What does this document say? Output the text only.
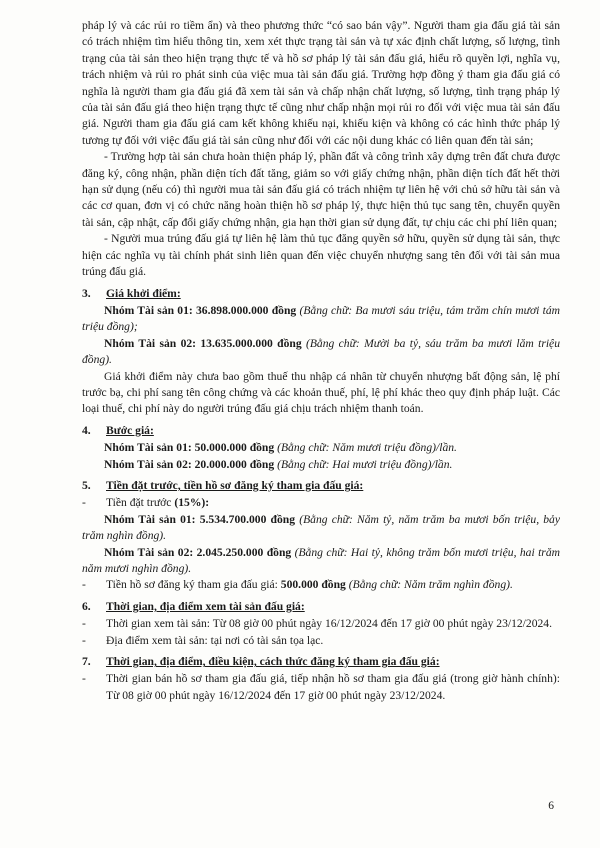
pháp lý và các rủi ro tiềm ẩn) và theo phương thức “có sao bán vậy”. Người tham gia đấu giá tài sản có trách nhiệm tìm hiểu thông tin, xem xét thực trạng tài sản và tự xác định chất lượng, số lượng, tình trạng của tài sản theo hiện trạng thực tế và hồ sơ pháp lý tài sản đấu giá, hiểu rõ quyền lợi, nghĩa vụ, trách nhiệm và rủi ro phát sinh của việc mua tài sản đấu giá. Trường hợp đồng ý tham gia đấu giá có nghĩa là người tham gia đấu giá đã xem tài sản và chấp nhận chất lượng, số lượng, tình trạng pháp lý của tài sản đấu giá theo hiện trạng thực tế cũng như chấp nhận mọi rủi ro đối với việc mua tài sản đấu giá. Người tham gia đấu giá cam kết không khiếu nại, khiếu kiện và không có các hình thức pháp lý tương tự đối với việc đấu giá tài sản cũng như đối với các nội dung khác có liên quan đến tài sản;

- Trường hợp tài sản chưa hoàn thiện pháp lý, phần đất và công trình xây dựng trên đất chưa được đăng ký, công nhận, phần diện tích đất tăng, giảm so với giấy chứng nhận, phần diện tích đất hết thời hạn sử dụng (nếu có) thì người mua tài sản đấu giá có trách nhiệm tự liên hệ với chủ sở hữu tài sản và các cơ quan, đơn vị có chức năng hoàn thiện hồ sơ pháp lý, thực hiện thủ tục sang tên, chuyển quyền tài sản, cập nhật, cấp đổi giấy chứng nhận, gia hạn thời gian sử dụng đất, tự chịu các chi phí liên quan;

- Người mua trúng đấu giá tự liên hệ làm thủ tục đăng quyền sở hữu, quyền sử dụng tài sản, thực hiện các nghĩa vụ tài chính phát sinh liên quan đến việc chuyển nhượng sang tên đối với tài sản mua trúng đấu giá.

3.	Giá khởi điểm:

Nhóm Tài sản 01: 36.898.000.000 đồng (Bằng chữ: Ba mươi sáu triệu, tám trăm chín mươi tám triệu đồng);

Nhóm Tài sản 02: 13.635.000.000 đồng (Bằng chữ: Mười ba tỷ, sáu trăm ba mươi lăm triệu đồng).

Giá khởi điểm này chưa bao gồm thuế thu nhập cá nhân từ chuyển nhượng bất động sản, lệ phí trước bạ, chi phí sang tên công chứng và các khoản thuế, phí, lệ phí khác theo quy định pháp luật. Các loại thuế, chi phí này do người trúng đấu giá chịu trách nhiệm thanh toán.

4.	Bước giá:

Nhóm Tài sản 01: 50.000.000 đồng (Bằng chữ: Năm mươi triệu đồng)/lần.

Nhóm Tài sản 02: 20.000.000 đồng (Bằng chữ: Hai mươi triệu đồng)/lần.

5.	Tiền đặt trước, tiền hồ sơ đăng ký tham gia đấu giá:
-	Tiền đặt trước (15%):

Nhóm Tài sản 01: 5.534.700.000 đồng (Bằng chữ: Năm tỷ, năm trăm ba mươi bốn triệu, bảy trăm nghìn đồng).

Nhóm Tài sản 02: 2.045.250.000 đồng (Bằng chữ: Hai tỷ, không trăm bốn mươi triệu, hai trăm năm mươi nghìn đồng).

-	Tiền hồ sơ đăng ký tham gia đấu giá: 500.000 đồng (Bằng chữ: Năm trăm nghìn đồng).
6.	Thời gian, địa điểm xem tài sản đấu giá:
-	Thời gian xem tài sản: Từ 08 giờ 00 phút ngày 16/12/2024 đến 17 giờ 00 phút ngày 23/12/2024.
-	Địa điểm xem tài sản: tại nơi có tài sản tọa lạc.
7.	Thời gian, địa điểm, điều kiện, cách thức đăng ký tham gia đấu giá:
-	Thời gian bán hồ sơ tham gia đấu giá, tiếp nhận hồ sơ tham gia đấu giá (trong giờ hành chính): Từ 08 giờ 00 phút ngày 16/12/2024 đến 17 giờ 00 phút ngày 23/12/2024.
6
